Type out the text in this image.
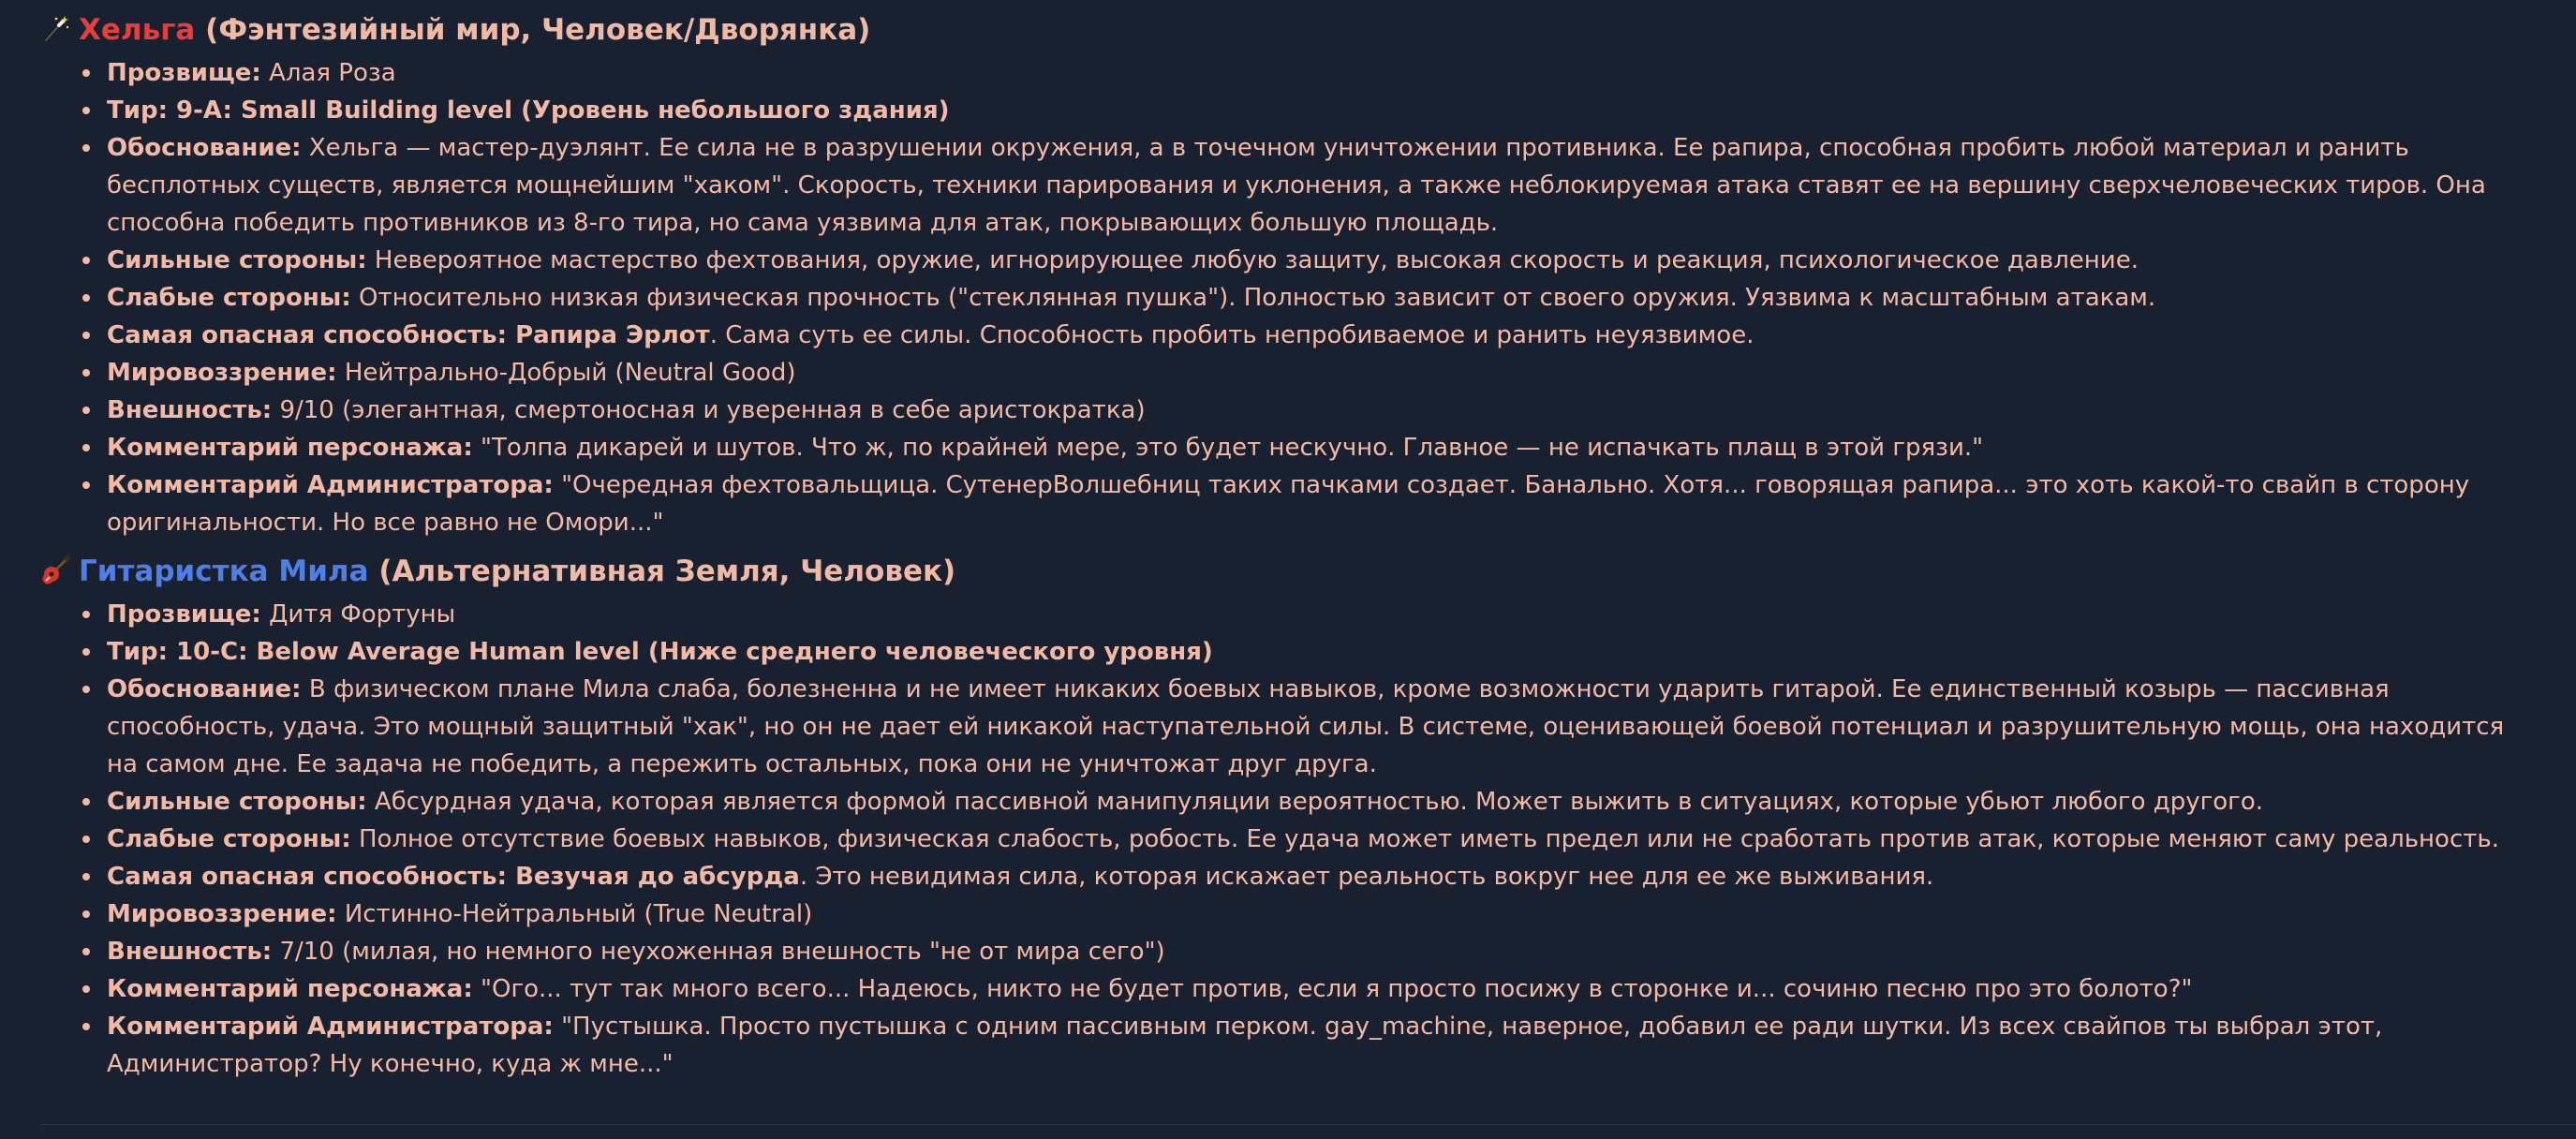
Хельга (Фэнтезийный мир, Человек/Дворянка)
Прозвище: Алая Роза
Тир: 9-A: Small Building level (Уровень небольшого здания)
Обоснование: Хельга — мастер-дуэлянт. Ее сила не в разрушении окружения, а в точечном уничтожении противника. Ее рапира, способная пробить любой материал и ранить бесплотных существ, является мощнейшим "хаком". Скорость, техники парирования и уклонения, а также неблокируемая атака ставят ее на вершину сверхчеловеческих тиров. Она способна победить противников из 8-го тира, но сама уязвима для атак, покрывающих большую площадь.
Сильные стороны: Невероятное мастерство фехтования, оружие, игнорирующее любую защиту, высокая скорость и реакция, психологическое давление.
Слабые стороны: Относительно низкая физическая прочность ("стеклянная пушка"). Полностью зависит от своего оружия. Уязвима к масштабным атакам.
Самая опасная способность: Рапира Эрлот. Сама суть ее силы. Способность пробить непробиваемое и ранить неуязвимое.
Мировоззрение: Нейтрально-Добрый (Neutral Good)
Внешность: 9/10 (элегантная, смертоносная и уверенная в себе аристократка)
Комментарий персонажа: "Толпа дикарей и шутов. Что ж, по крайней мере, это будет нескучно. Главное — не испачкать плащ в этой грязи."
Комментарий Администратора: "Очередная фехтовальщица. СутенерВолшебниц таких пачками создает. Банально. Хотя... говорящая рапира... это хоть какой-то свайп в сторону оригинальности. Но все равно не Омори..."
Гитаристка Мила (Альтернативная Земля, Человек)
Прозвище: Дитя Фортуны
Тир: 10-C: Below Average Human level (Ниже среднего человеческого уровня)
Обоснование: В физическом плане Мила слаба, болезненна и не имеет никаких боевых навыков, кроме возможности ударить гитарой. Ее единственный козырь — пассивная способность, удача. Это мощный защитный "хак", но он не дает ей никакой наступательной силы. В системе, оценивающей боевой потенциал и разрушительную мощь, она находится на самом дне. Ее задача не победить, а пережить остальных, пока они не уничтожат друг друга.
Сильные стороны: Абсурдная удача, которая является формой пассивной манипуляции вероятностью. Может выжить в ситуациях, которые убьют любого другого.
Слабые стороны: Полное отсутствие боевых навыков, физическая слабость, робость. Ее удача может иметь предел или не сработать против атак, которые меняют саму реальность.
Самая опасная способность: Везучая до абсурда. Это невидимая сила, которая искажает реальность вокруг нее для ее же выживания.
Мировоззрение: Истинно-Нейтральный (True Neutral)
Внешность: 7/10 (милая, но немного неухоженная внешность "не от мира сего")
Комментарий персонажа: "Ого... тут так много всего... Надеюсь, никто не будет против, если я просто посижу в сторонке и... сочиню песню про это болото?"
Комментарий Администратора: "Пустышка. Просто пустышка с одним пассивным перком. gay_machine, наверное, добавил ее ради шутки. Из всех свайпов ты выбрал этот, Администратор? Ну конечно, куда ж мне..."
